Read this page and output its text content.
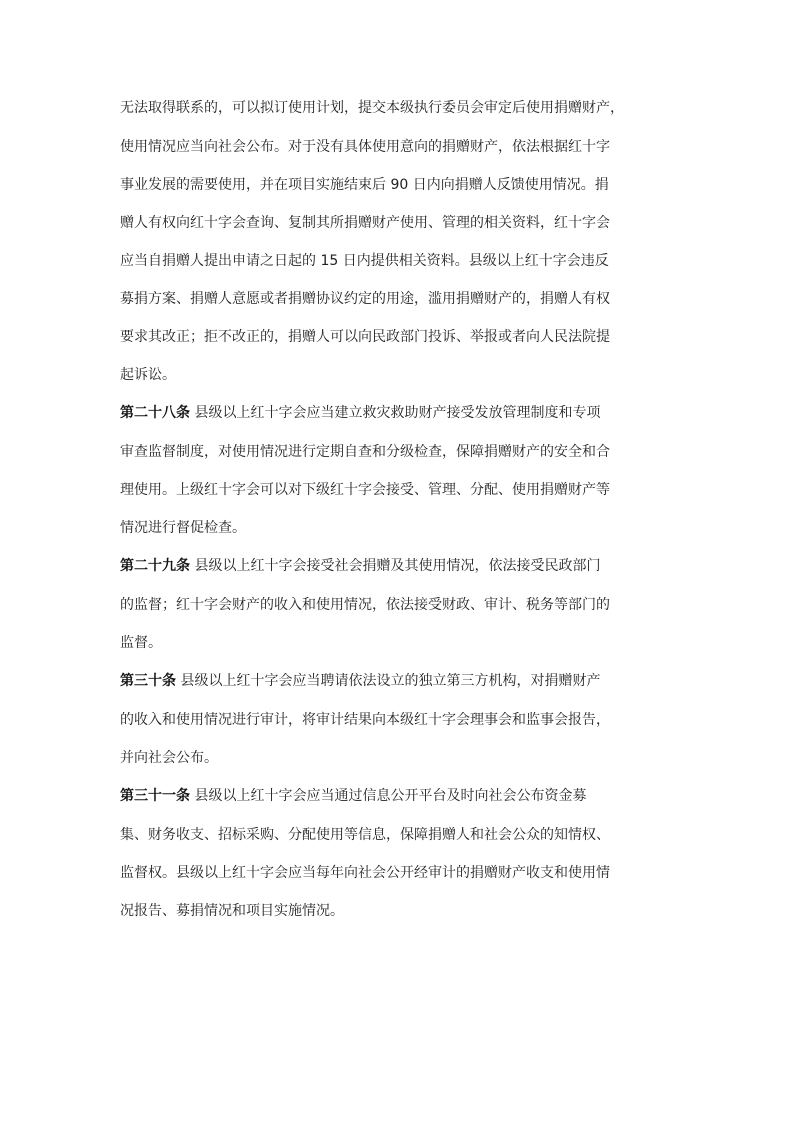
无法取得联系的，可以拟订使用计划，提交本级执行委员会审定后使用捐赠财产，
使用情况应当向社会公布。对于没有具体使用意向的捐赠财产，依法根据红十字
事业发展的需要使用，并在项目实施结束后 90 日内向捐赠人反馈使用情况。捐
赠人有权向红十字会查询、复制其所捐赠财产使用、管理的相关资料，红十字会
应当自捐赠人提出申请之日起的 15 日内提供相关资料。县级以上红十字会违反
募捐方案、捐赠人意愿或者捐赠协议约定的用途，滥用捐赠财产的，捐赠人有权
要求其改正；拒不改正的，捐赠人可以向民政部门投诉、举报或者向人民法院提
起诉讼。
第二十八条 县级以上红十字会应当建立救灾救助财产接受发放管理制度和专项
审查监督制度，对使用情况进行定期自查和分级检查，保障捐赠财产的安全和合
理使用。上级红十字会可以对下级红十字会接受、管理、分配、使用捐赠财产等
情况进行督促检查。
第二十九条 县级以上红十字会接受社会捐赠及其使用情况，依法接受民政部门
的监督；红十字会财产的收入和使用情况，依法接受财政、审计、税务等部门的
监督。
第三十条 县级以上红十字会应当聘请依法设立的独立第三方机构，对捐赠财产
的收入和使用情况进行审计，将审计结果向本级红十字会理事会和监事会报告，
并向社会公布。
第三十一条 县级以上红十字会应当通过信息公开平台及时向社会公布资金募
集、财务收支、招标采购、分配使用等信息，保障捐赠人和社会公众的知情权、
监督权。县级以上红十字会应当每年向社会公开经审计的捐赠财产收支和使用情
况报告、募捐情况和项目实施情况。
